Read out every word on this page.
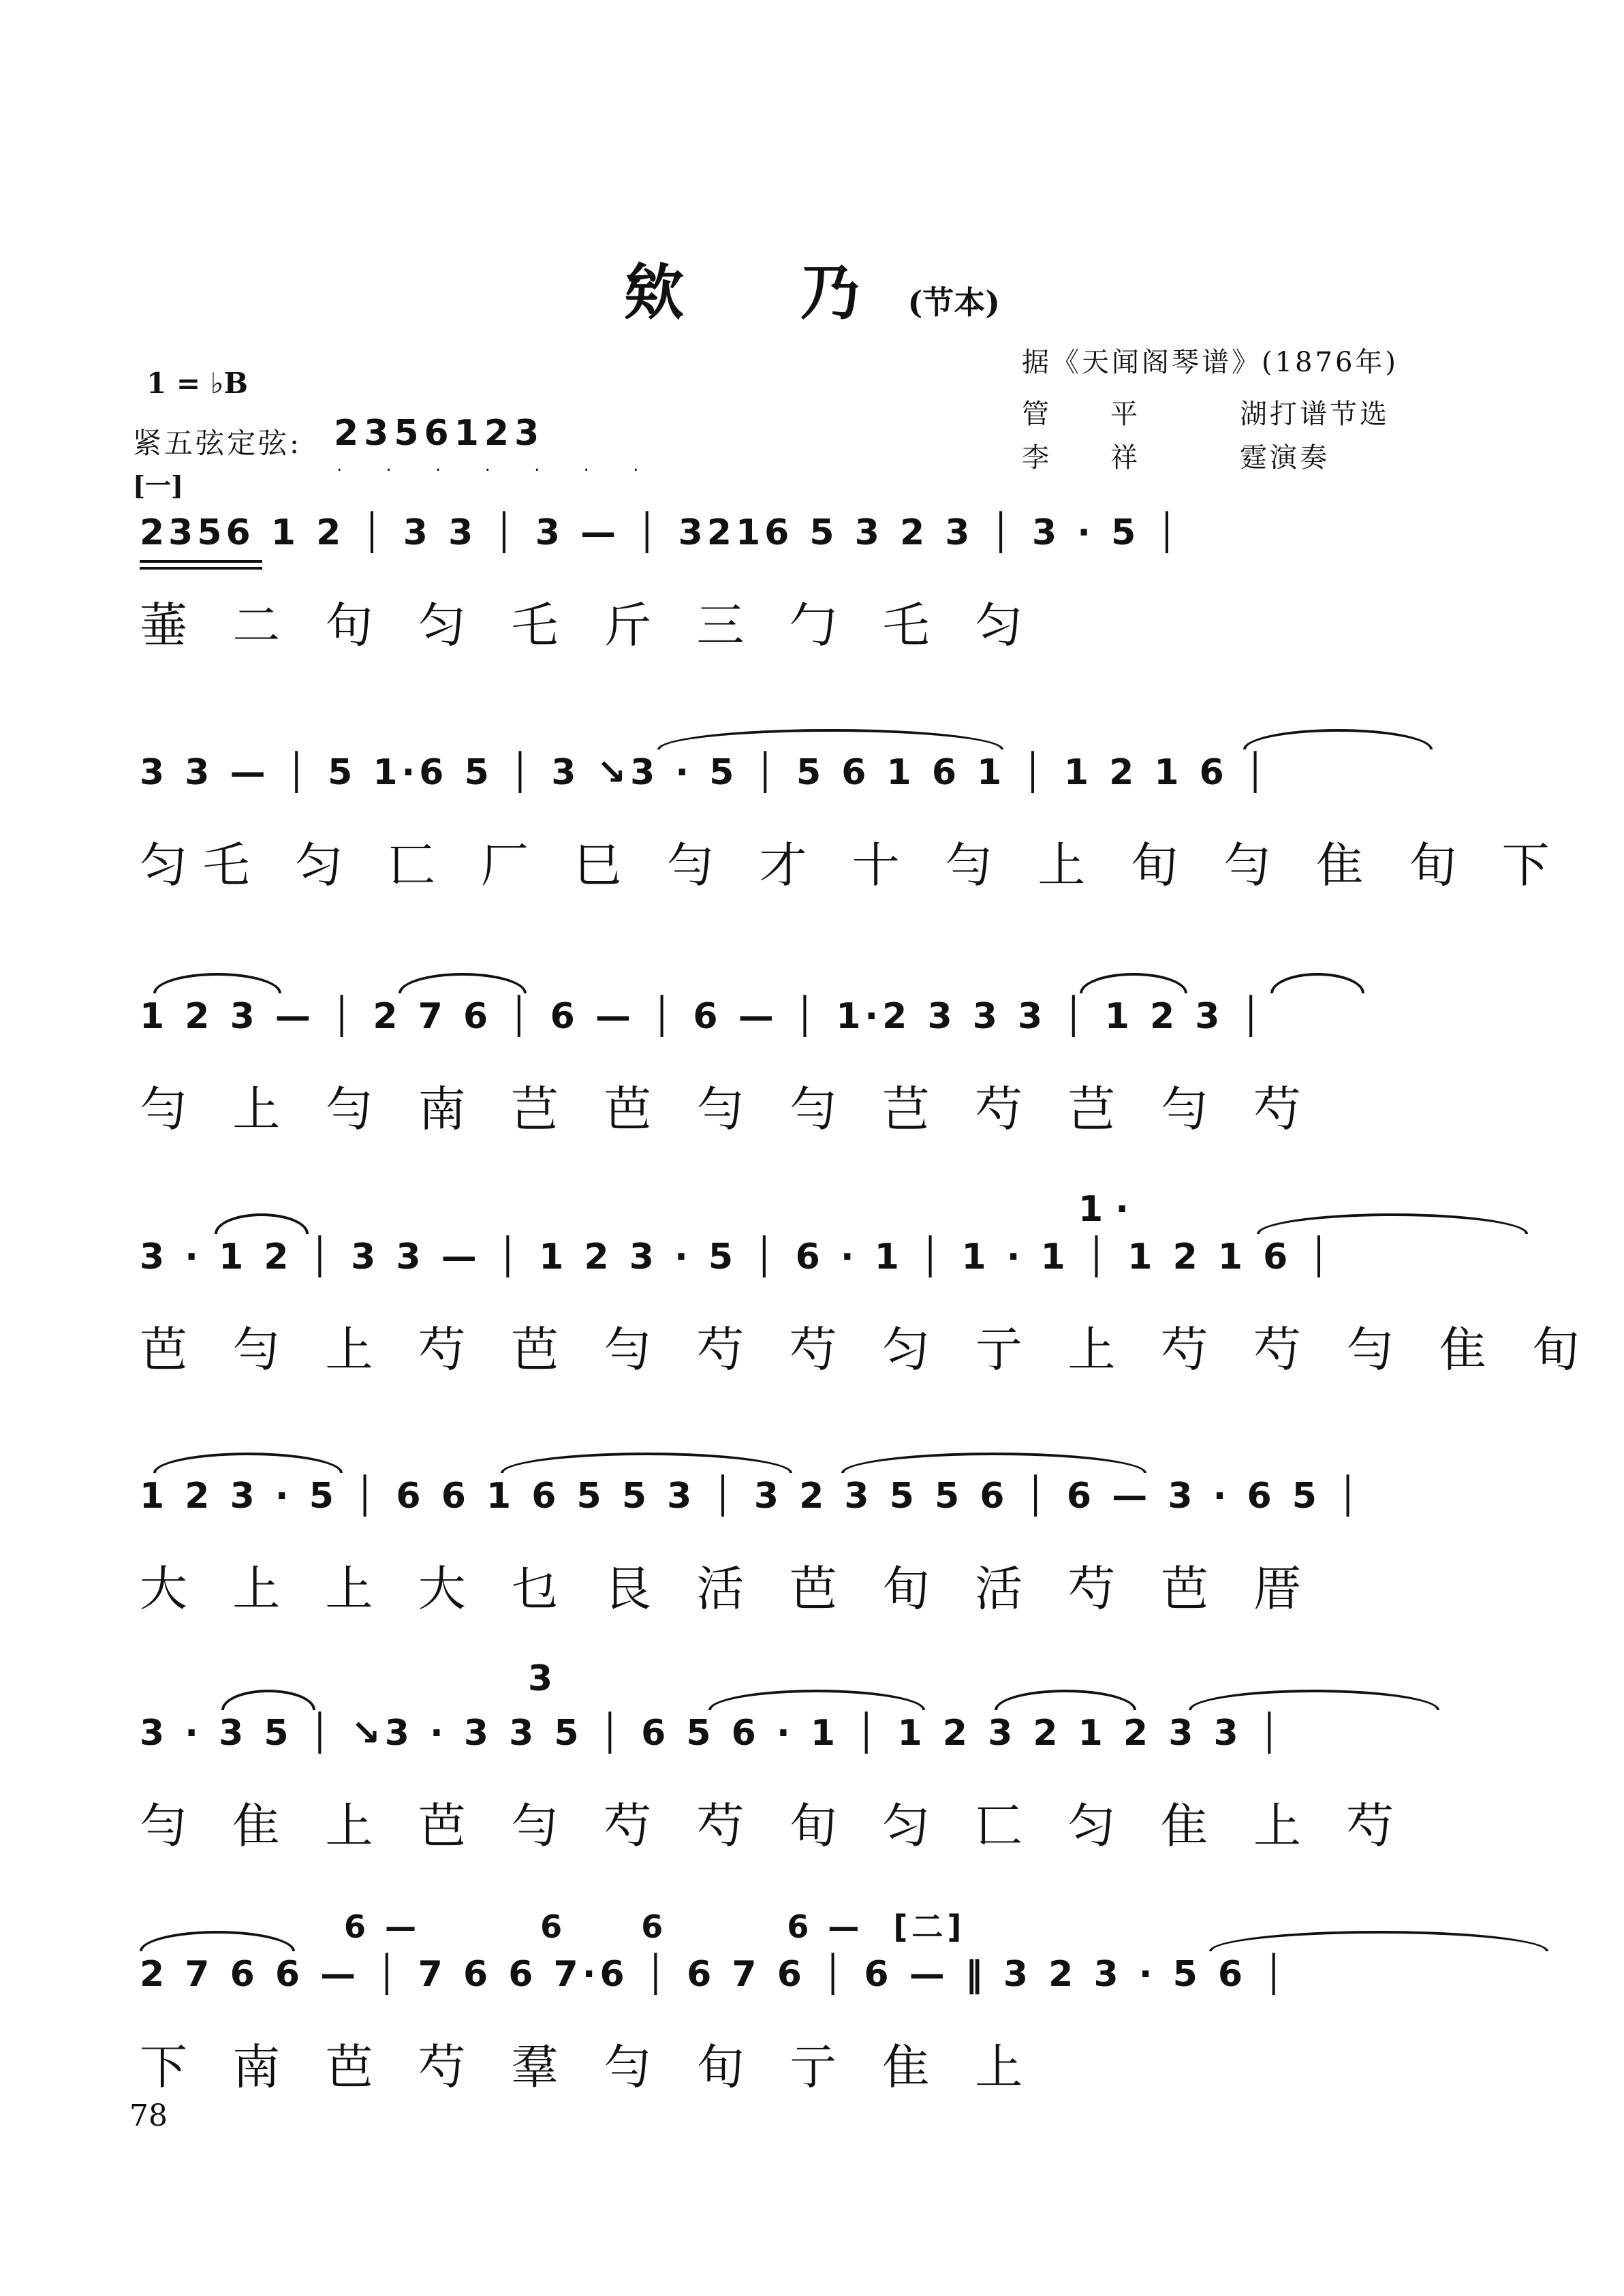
欸 乃(节本)
1 = ♭B
紧五弦定弦: 2356123
. . . . . . .
[一]
据《天闻阁琴谱》(1876年)
管 平	湖打谱节选
李 祥	霆演奏
2356 1 2 │ 3 3 │ 3 — │ 3216 5 3 2 3 │ 3 · 5 │
菙 ⼆ 句 匀 乇 斤 三 勹 乇 匀
3 3 — │ 5 1·6 5 │ 3 ↘3 · 5 │ 5 6 1 6 1 │ 1 2 1 6 │
匀乇 匀 匸 厂 巳 勻 才 十 勻 上 旬 勻 隹 旬 下
1 2 3 — │ 2 7 6 │ 6 — │ 6 — │ 1·2 3 3 3 │ 1 2 3 │
勻 上 勻 南 芑 芭 勻 勻 芑 芍 芑 勻 芍
1 ·
3 · 1 2 │ 3 3 — │ 1 2 3 · 5 │ 6 · 1 │ 1 · 1 │ 1 2 1 6 │
芭 勻 上 芍 芭 勻 芍 芍 匀 亍 上 芍 芍 勻 隹 旬
1 2 3 · 5 │ 6 6 1 6 5 5 3 │ 3 2 3 5 5 6 │ 6 — 3 · 6 5 │
⼤ 上 上 ⼤ 乜 艮 活 芭 旬 活 芍 芭 厝
3
3 · 3 5 │ ↘3 · 3 3 5 │ 6 5 6 · 1 │ 1 2 3 2 1 2 3 3 │
勻 ⾫ 上 芭 勻 芍 芍 旬 匀 匸 匀 隹 上 芍
6 —        6     6        6 —  [二]
2 7 6 6 — │ 7 6 6 7·6 │ 6 7 6 │ 6 — ‖ 3 2 3 · 5 6 │
下 南 芭 芍 羣 勻 旬 亍 ⾫ 上
78
